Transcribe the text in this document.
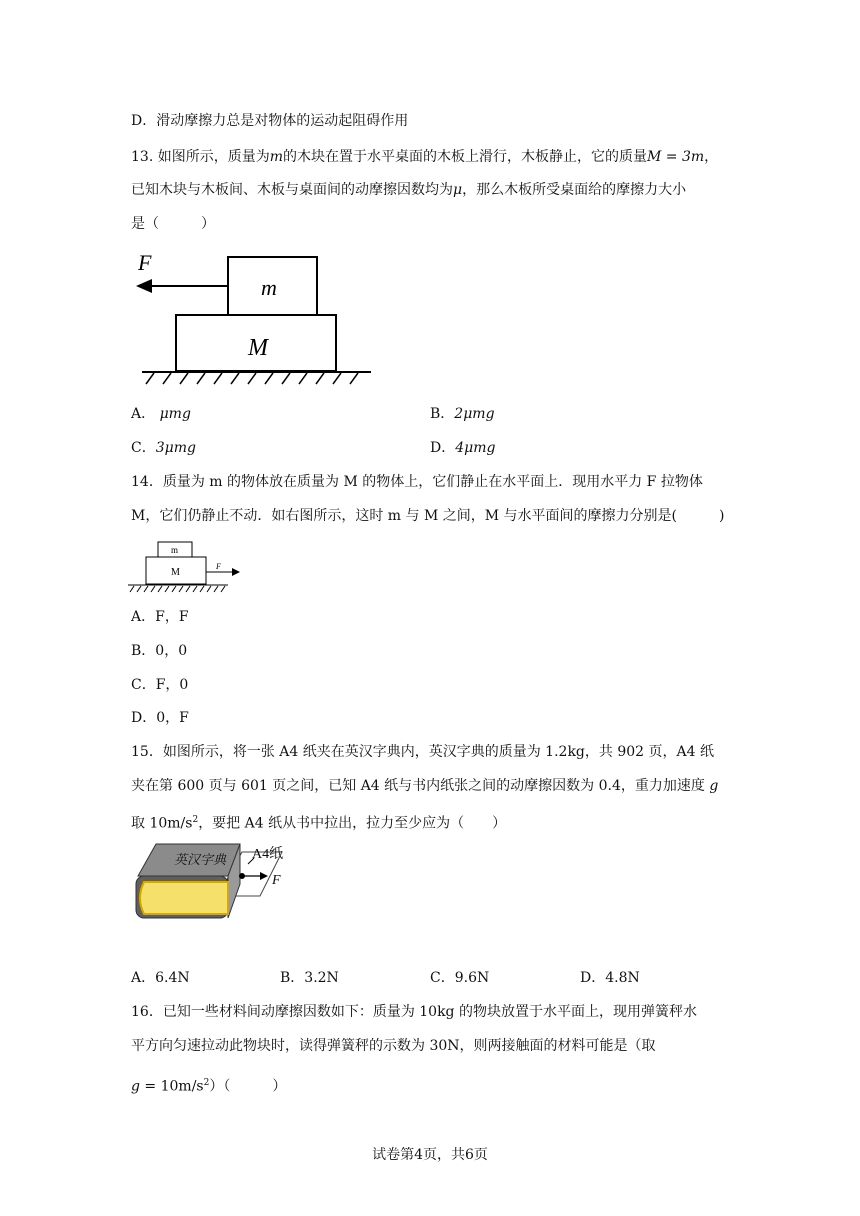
D．滑动摩擦力总是对物体的运动起阻碍作用
13. 如图所示，质量为m的木块在置于水平桌面的木板上滑行，木板静止，它的质量M = 3m，
已知木块与木板间、木板与桌面间的动摩擦因数均为μ，那么木板所受桌面给的摩擦力大小
是（　　　）
F
m
M
A． μmg	B．2μmg
C．3μmg	D．4μmg
14．质量为 m 的物体放在质量为 M 的物体上，它们静止在水平面上．现用水平力 F 拉物体
M，它们仍静止不动．如右图所示，这时 m 与 M 之间，M 与水平面间的摩擦力分别是(　　　)
m
M
F
A．F，F
B．0，0
C．F，0
D．0，F
15．如图所示，将一张 A4 纸夹在英汉字典内，英汉字典的质量为 1.2kg，共 902 页，A4 纸
夹在第 600 页与 601 页之间，已知 A4 纸与书内纸张之间的动摩擦因数为 0.4，重力加速度 g
取 $10m/s^2$，要把 A4 纸从书中拉出，拉力至少应为（　　）
英汉字典 A4纸
F
A．6.4N	B．3.2N	C．9.6N	D．4.8N
16．已知一些材料间动摩擦因数如下：质量为 10kg 的物块放置于水平面上，现用弹簧秤水
平方向匀速拉动此物块时，读得弹簧秤的示数为 30N，则两接触面的材料可能是（取
$g = 10m/s^2$）（　　　）
试卷第4页，共6页
